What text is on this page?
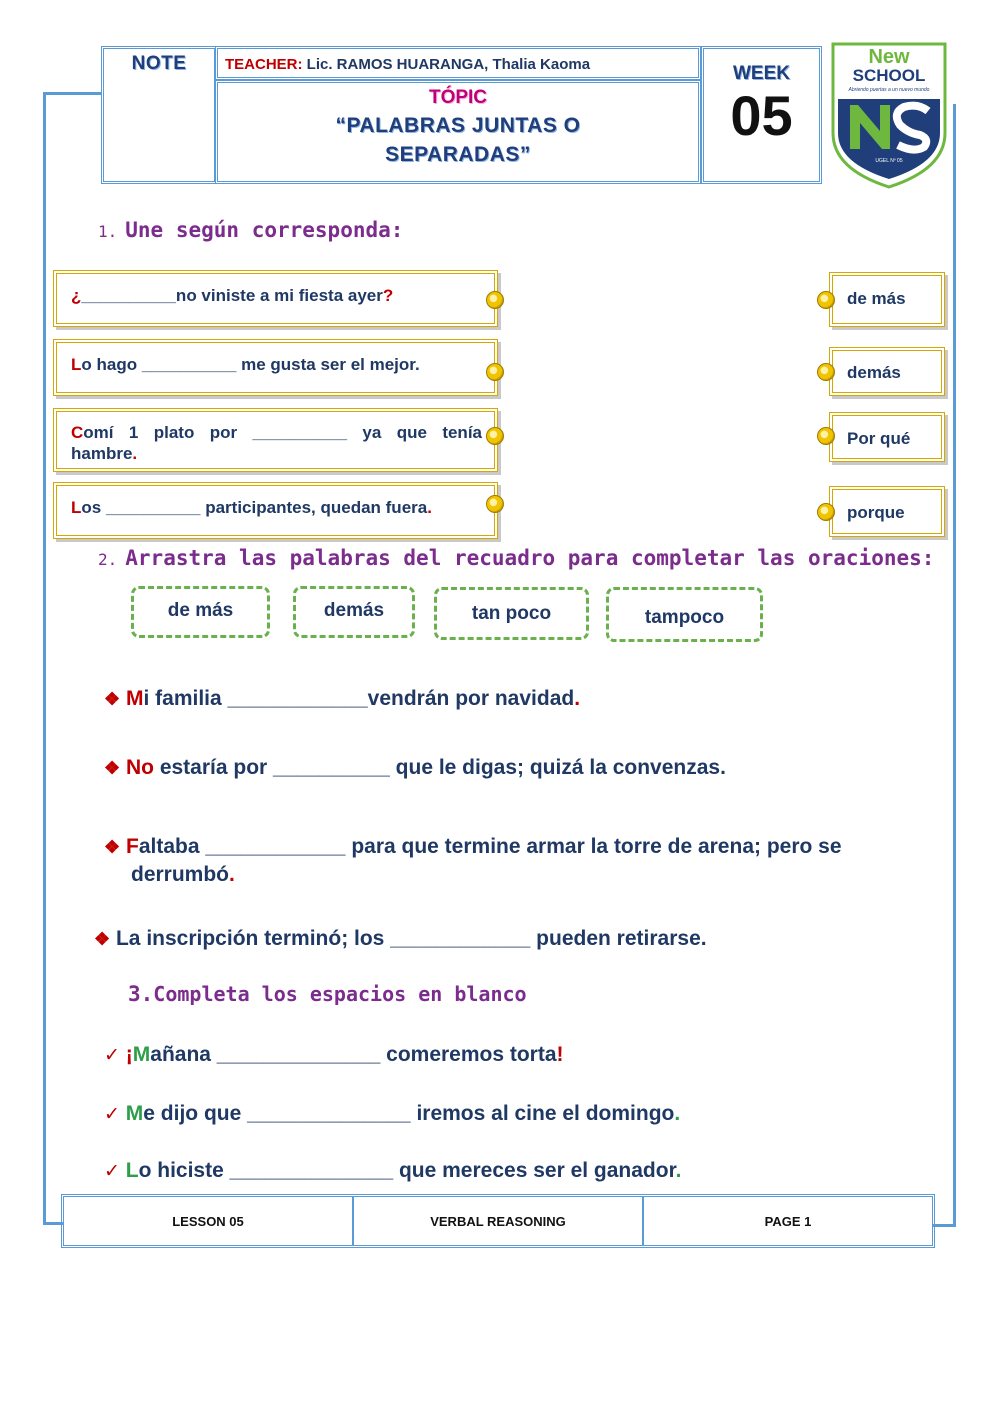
NOTE	TEACHER: Lic. RAMOS HUARANGA, Thalia Kaoma
TÓPIC
“PALABRAS JUNTAS O
SEPARADAS”
WEEK
05
New
SCHOOL
Abriendo puertas a un nuevo mundo
UGEL Nº 05
1. Une según corresponda:
¿__________no viniste a mi fiesta ayer?
Lo hago __________ me gusta ser el mejor.
Comí 1 plato por __________ ya que tenía
hambre.
Los __________ participantes, quedan fuera.
de más
demás
Por qué
porque
2. Arrastra las palabras del recuadro para completar las oraciones:
de más	demás	tan poco	tampoco
❖ Mi familia ____________vendrán por navidad.
❖ No estaría por __________ que le digas; quizá la convenzas.
❖ Faltaba ____________ para que termine armar la torre de arena; pero se
derrumbó.
❖ La inscripción terminó; los ____________ pueden retirarse.
3.Completa los espacios en blanco
✓ ¡Mañana ______________ comeremos torta!
✓ Me dijo que ______________ iremos al cine el domingo.
✓ Lo hiciste ______________ que mereces ser el ganador.
LESSON 05	VERBAL REASONING	PAGE 1
